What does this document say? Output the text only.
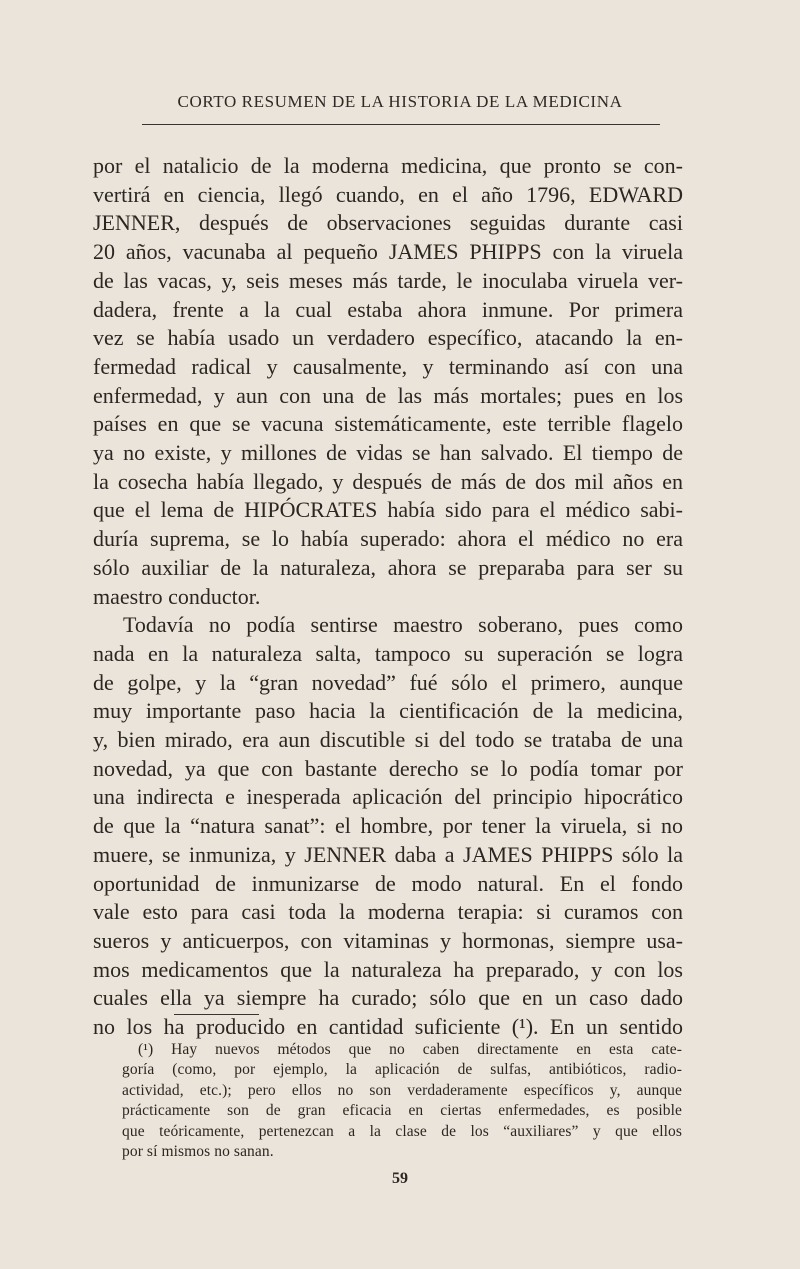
CORTO RESUMEN DE LA HISTORIA DE LA MEDICINA
por el natalicio de la moderna medicina, que pronto se con-
vertirá en ciencia, llegó cuando, en el año 1796, EDWARD
JENNER, después de observaciones seguidas durante casi
20 años, vacunaba al pequeño JAMES PHIPPS con la viruela
de las vacas, y, seis meses más tarde, le inoculaba viruela ver-
dadera, frente a la cual estaba ahora inmune. Por primera
vez se había usado un verdadero específico, atacando la en-
fermedad radical y causalmente, y terminando así con una
enfermedad, y aun con una de las más mortales; pues en los
países en que se vacuna sistemáticamente, este terrible flagelo
ya no existe, y millones de vidas se han salvado. El tiempo de
la cosecha había llegado, y después de más de dos mil años en
que el lema de HIPÓCRATES había sido para el médico sabi-
duría suprema, se lo había superado: ahora el médico no era
sólo auxiliar de la naturaleza, ahora se preparaba para ser su
maestro conductor.
Todavía no podía sentirse maestro soberano, pues como
nada en la naturaleza salta, tampoco su superación se logra
de golpe, y la “gran novedad” fué sólo el primero, aunque
muy importante paso hacia la cientificación de la medicina,
y, bien mirado, era aun discutible si del todo se trataba de una
novedad, ya que con bastante derecho se lo podía tomar por
una indirecta e inesperada aplicación del principio hipocrático
de que la “natura sanat”: el hombre, por tener la viruela, si no
muere, se inmuniza, y JENNER daba a JAMES PHIPPS sólo la
oportunidad de inmunizarse de modo natural. En el fondo
vale esto para casi toda la moderna terapia: si curamos con
sueros y anticuerpos, con vitaminas y hormonas, siempre usa-
mos medicamentos que la naturaleza ha preparado, y con los
cuales ella ya siempre ha curado; sólo que en un caso dado
no los ha producido en cantidad suficiente (¹). En un sentido
(¹) Hay nuevos métodos que no caben directamente en esta cate-
goría (como, por ejemplo, la aplicación de sulfas, antibióticos, radio-
actividad, etc.); pero ellos no son verdaderamente específicos y, aunque
prácticamente son de gran eficacia en ciertas enfermedades, es posible
que teóricamente, pertenezcan a la clase de los “auxiliares” y que ellos
por sí mismos no sanan.
59
